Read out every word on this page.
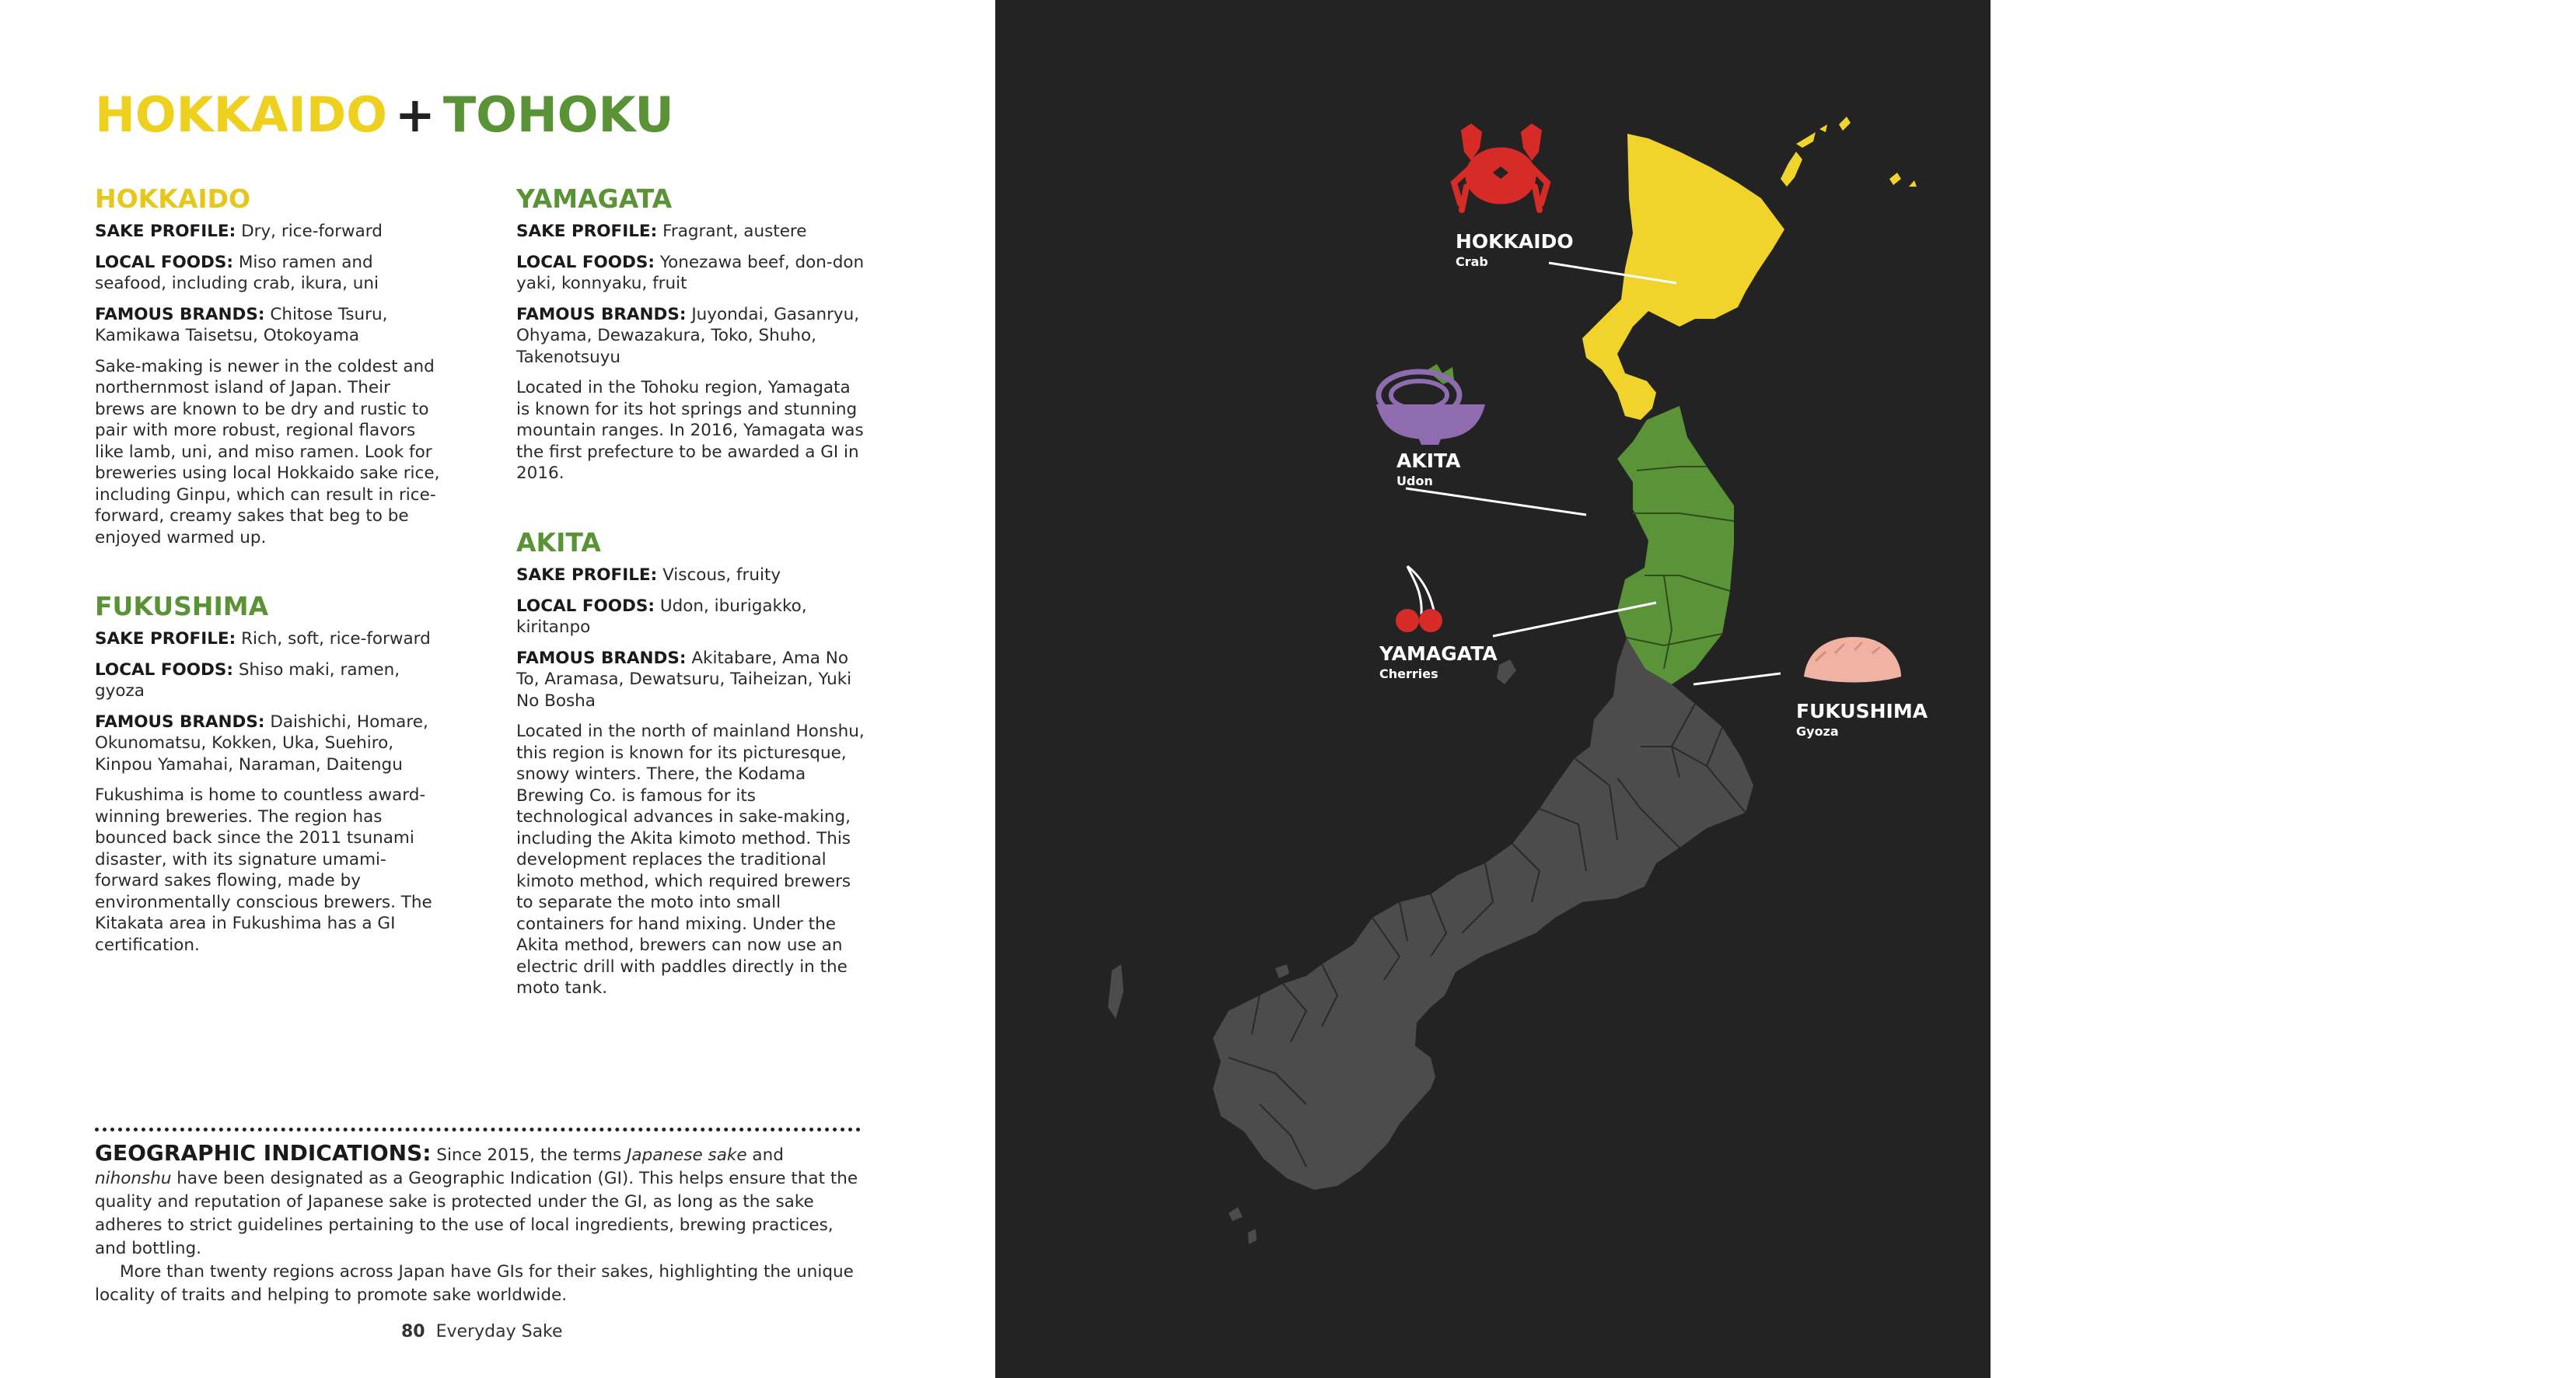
HOKKAIDO + TOHOKU
HOKKAIDO

SAKE PROFILE: Dry, rice-forward

LOCAL FOODS: Miso ramen and seafood, including crab, ikura, uni

FAMOUS BRANDS: Chitose Tsuru, Kamikawa Taisetsu, Otokoyama

Sake-making is newer in the coldest and northernmost island of Japan. Their brews are known to be dry and rustic to pair with more robust, regional flavors like lamb, uni, and miso ramen. Look for breweries using local Hokkaido sake rice, including Ginpu, which can result in rice-forward, creamy sakes that beg to be enjoyed warmed up.

FUKUSHIMA

SAKE PROFILE: Rich, soft, rice-forward

LOCAL FOODS: Shiso maki, ramen, gyoza

FAMOUS BRANDS: Daishichi, Homare, Okunomatsu, Kokken, Uka, Suehiro, Kinpou Yamahai, Naraman, Daitengu

Fukushima is home to countless award-winning breweries. The region has bounced back since the 2011 tsunami disaster, with its signature umami-forward sakes flowing, made by environmentally conscious brewers. The Kitakata area in Fukushima has a GI certification.

YAMAGATA

SAKE PROFILE: Fragrant, austere

LOCAL FOODS: Yonezawa beef, don-don yaki, konnyaku, fruit

FAMOUS BRANDS: Juyondai, Gasanryu, Ohyama, Dewazakura, Toko, Shuho, Takenotsuyu

Located in the Tohoku region, Yamagata is known for its hot springs and stunning mountain ranges. In 2016, Yamagata was the first prefecture to be awarded a GI in 2016.

AKITA

SAKE PROFILE: Viscous, fruity

LOCAL FOODS: Udon, iburigakko, kiritanpo

FAMOUS BRANDS: Akitabare, Ama No To, Aramasa, Dewatsuru, Taiheizan, Yuki No Bosha

Located in the north of mainland Honshu, this region is known for its picturesque, snowy winters. There, the Kodama Brewing Co. is famous for its technological advances in sake-making, including the Akita kimoto method. This development replaces the traditional kimoto method, which required brewers to separate the moto into small containers for hand mixing. Under the Akita method, brewers can now use an electric drill with paddles directly in the moto tank.

GEOGRAPHIC INDICATIONS: Since 2015, the terms Japanese sake and nihonshu have been designated as a Geographic Indication (GI). This helps ensure that the quality and reputation of Japanese sake is protected under the GI, as long as the sake adheres to strict guidelines pertaining to the use of local ingredients, brewing practices, and bottling.

More than twenty regions across Japan have GIs for their sakes, highlighting the unique locality of traits and helping to promote sake worldwide.

80 Everyday Sake
HOKKAIDO
Crab
AKITA
Udon
YAMAGATA
Cherries
FUKUSHIMA
Gyoza
Understand 81
